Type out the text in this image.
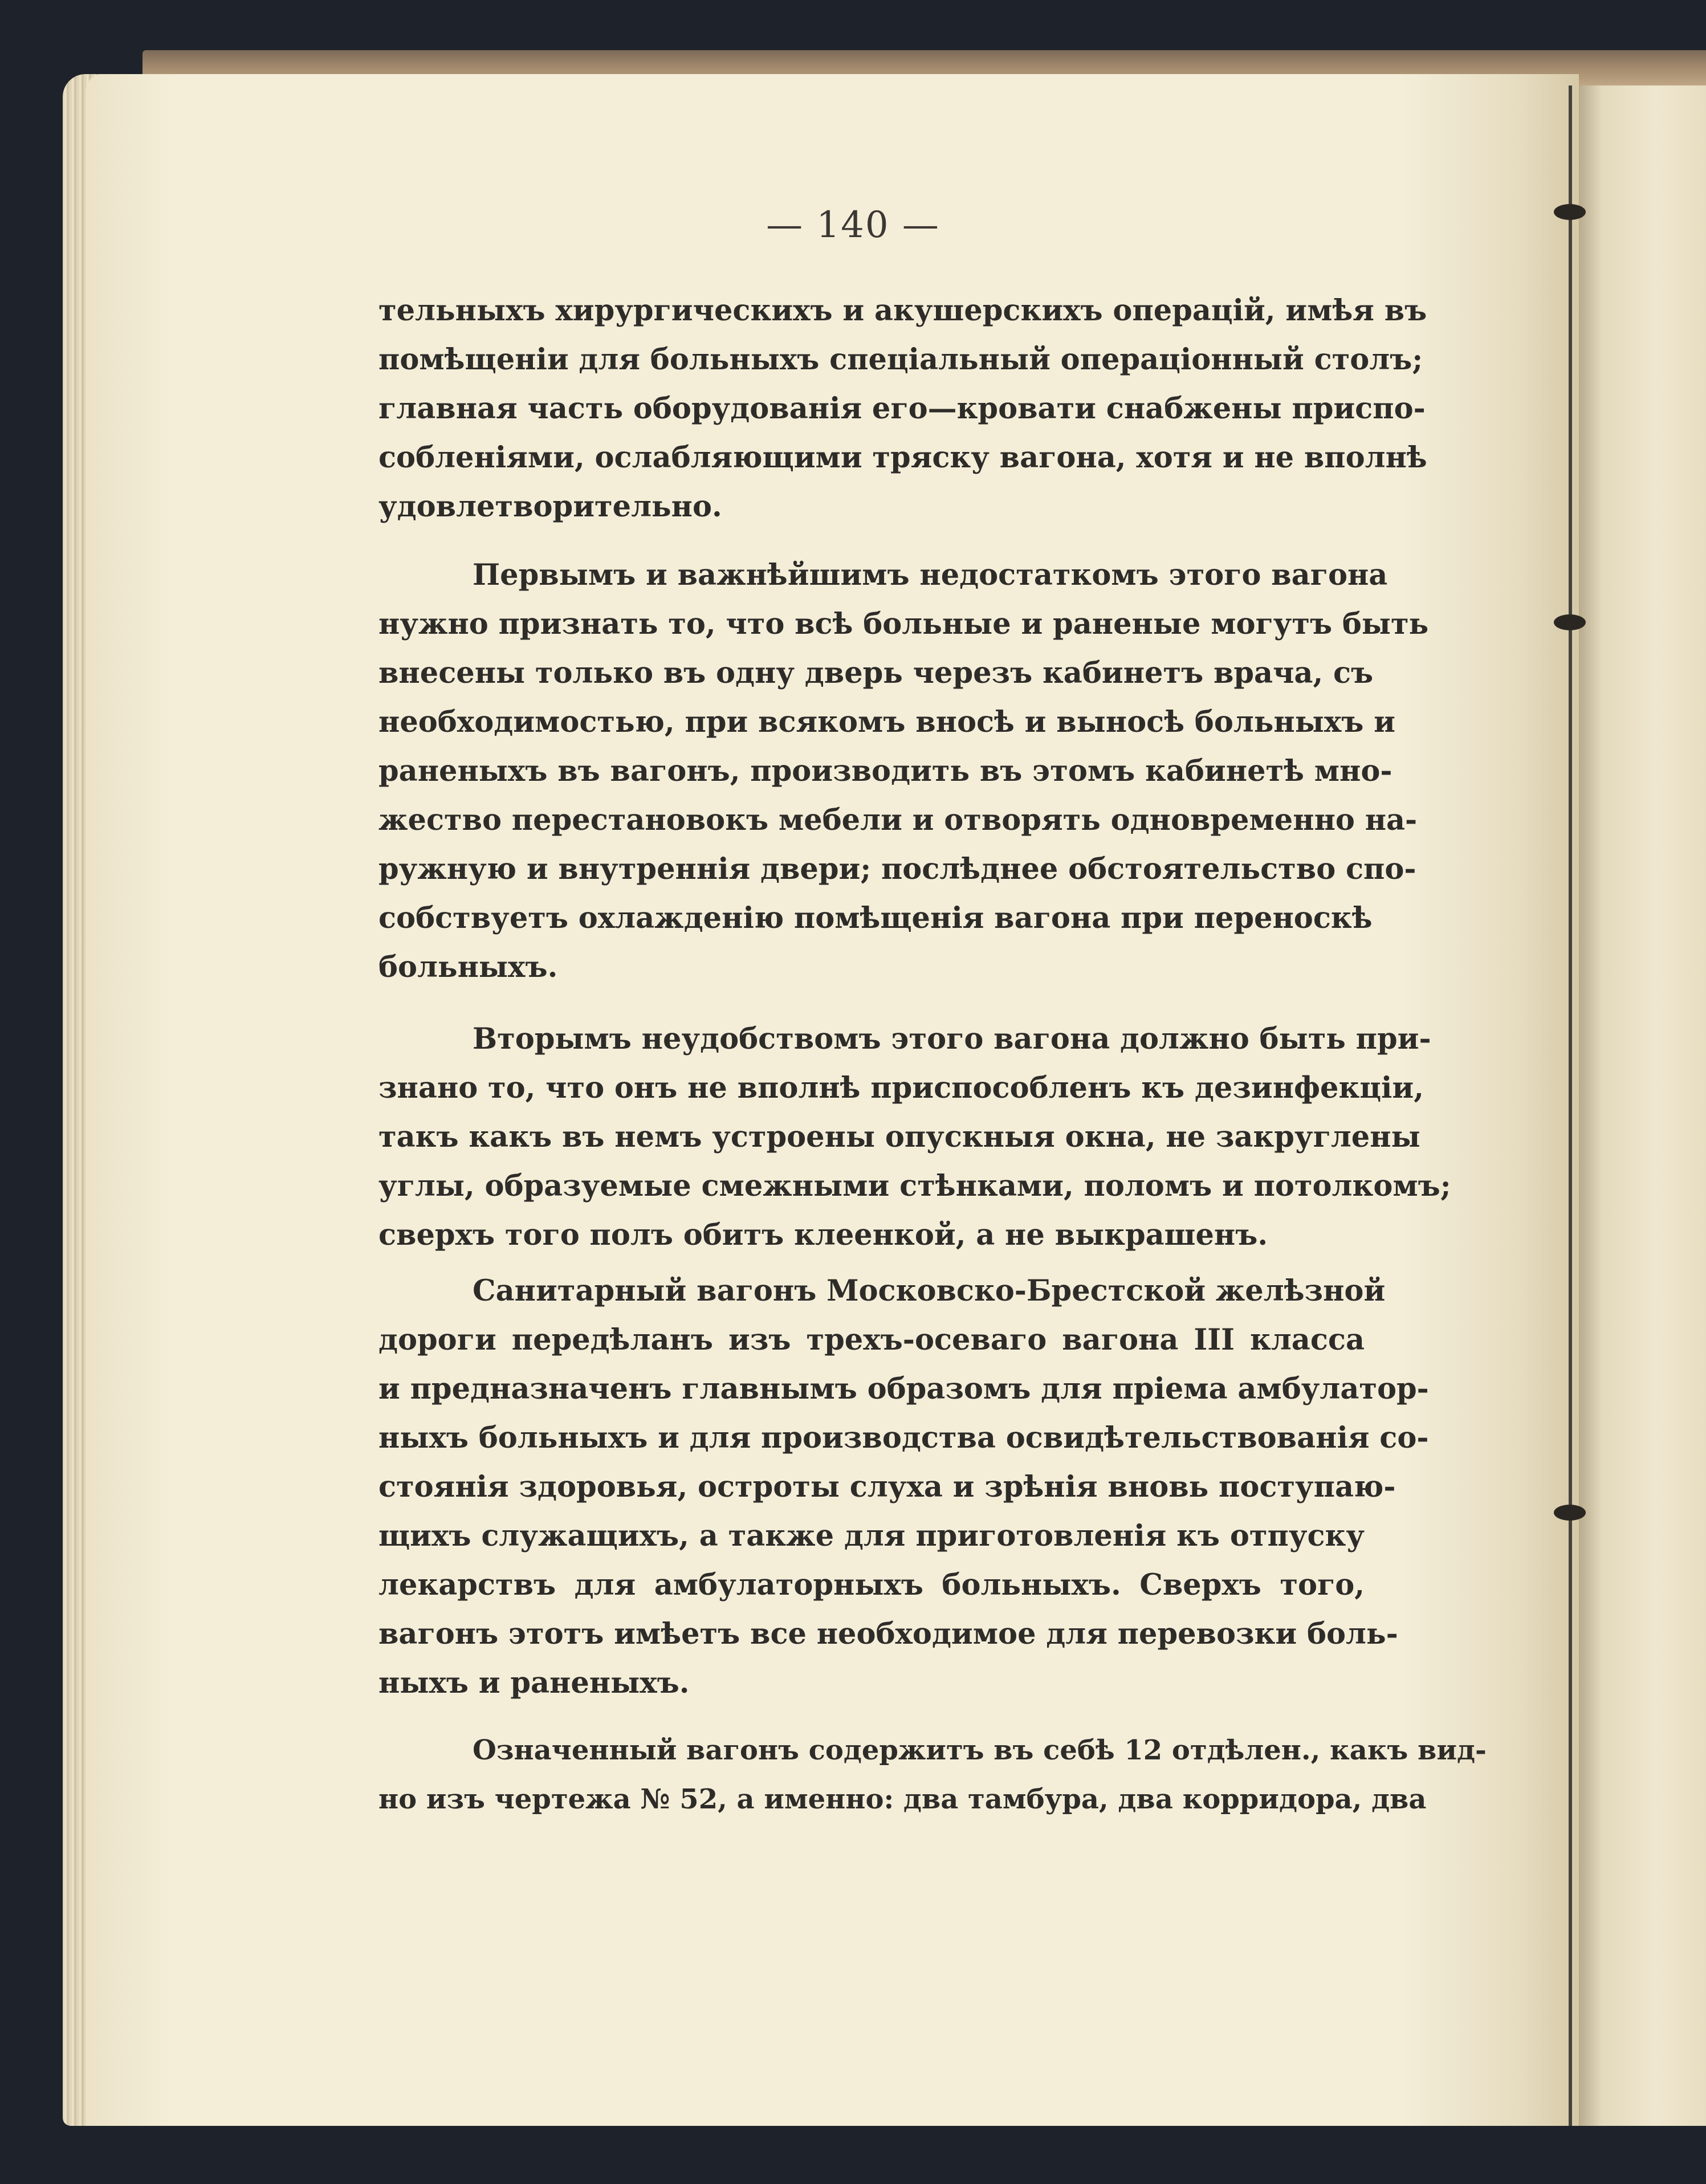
— 140 —
тельныхъ хирургическихъ и акушерскихъ операцій, имѣя въ
помѣщеніи для больныхъ спеціальный операціонный столъ;
главная часть оборудованія его—кровати снабжены приспо-
собленіями, ослабляющими тряску вагона, хотя и не вполнѣ
удовлетворительно.
Первымъ и важнѣйшимъ недостаткомъ этого вагона
нужно признать то, что всѣ больные и раненые могутъ быть
внесены только въ одну дверь черезъ кабинетъ врача, съ
необходимостью, при всякомъ вносѣ и выносѣ больныхъ и
раненыхъ въ вагонъ, производить въ этомъ кабинетѣ мно-
жество перестановокъ мебели и отворять одновременно на-
ружную и внутреннія двери; послѣднее обстоятельство спо-
собствуетъ охлажденію помѣщенія вагона при переноскѣ
больныхъ.
Вторымъ неудобствомъ этого вагона должно быть при-
знано то, что онъ не вполнѣ приспособленъ къ дезинфекціи,
такъ какъ въ немъ устроены опускныя окна, не закруглены
углы, образуемые смежными стѣнками, поломъ и потолкомъ;
сверхъ того полъ обитъ клеенкой, а не выкрашенъ.
Санитарный вагонъ Московско-Брестской желѣзной
дороги передѣланъ изъ трехъ-осеваго вагона III класса
и предназначенъ главнымъ образомъ для пріема амбулатор-
ныхъ больныхъ и для производства освидѣтельствованія со-
стоянія здоровья, остроты слуха и зрѣнія вновь поступаю-
щихъ служащихъ, а также для приготовленія къ отпуску
лекарствъ для амбулаторныхъ больныхъ. Сверхъ того,
вагонъ этотъ имѣетъ все необходимое для перевозки боль-
ныхъ и раненыхъ.
Означенный вагонъ содержитъ въ себѣ 12 отдѣлен., какъ вид-
но изъ чертежа № 52, а именно: два тамбура, два корридора, два
